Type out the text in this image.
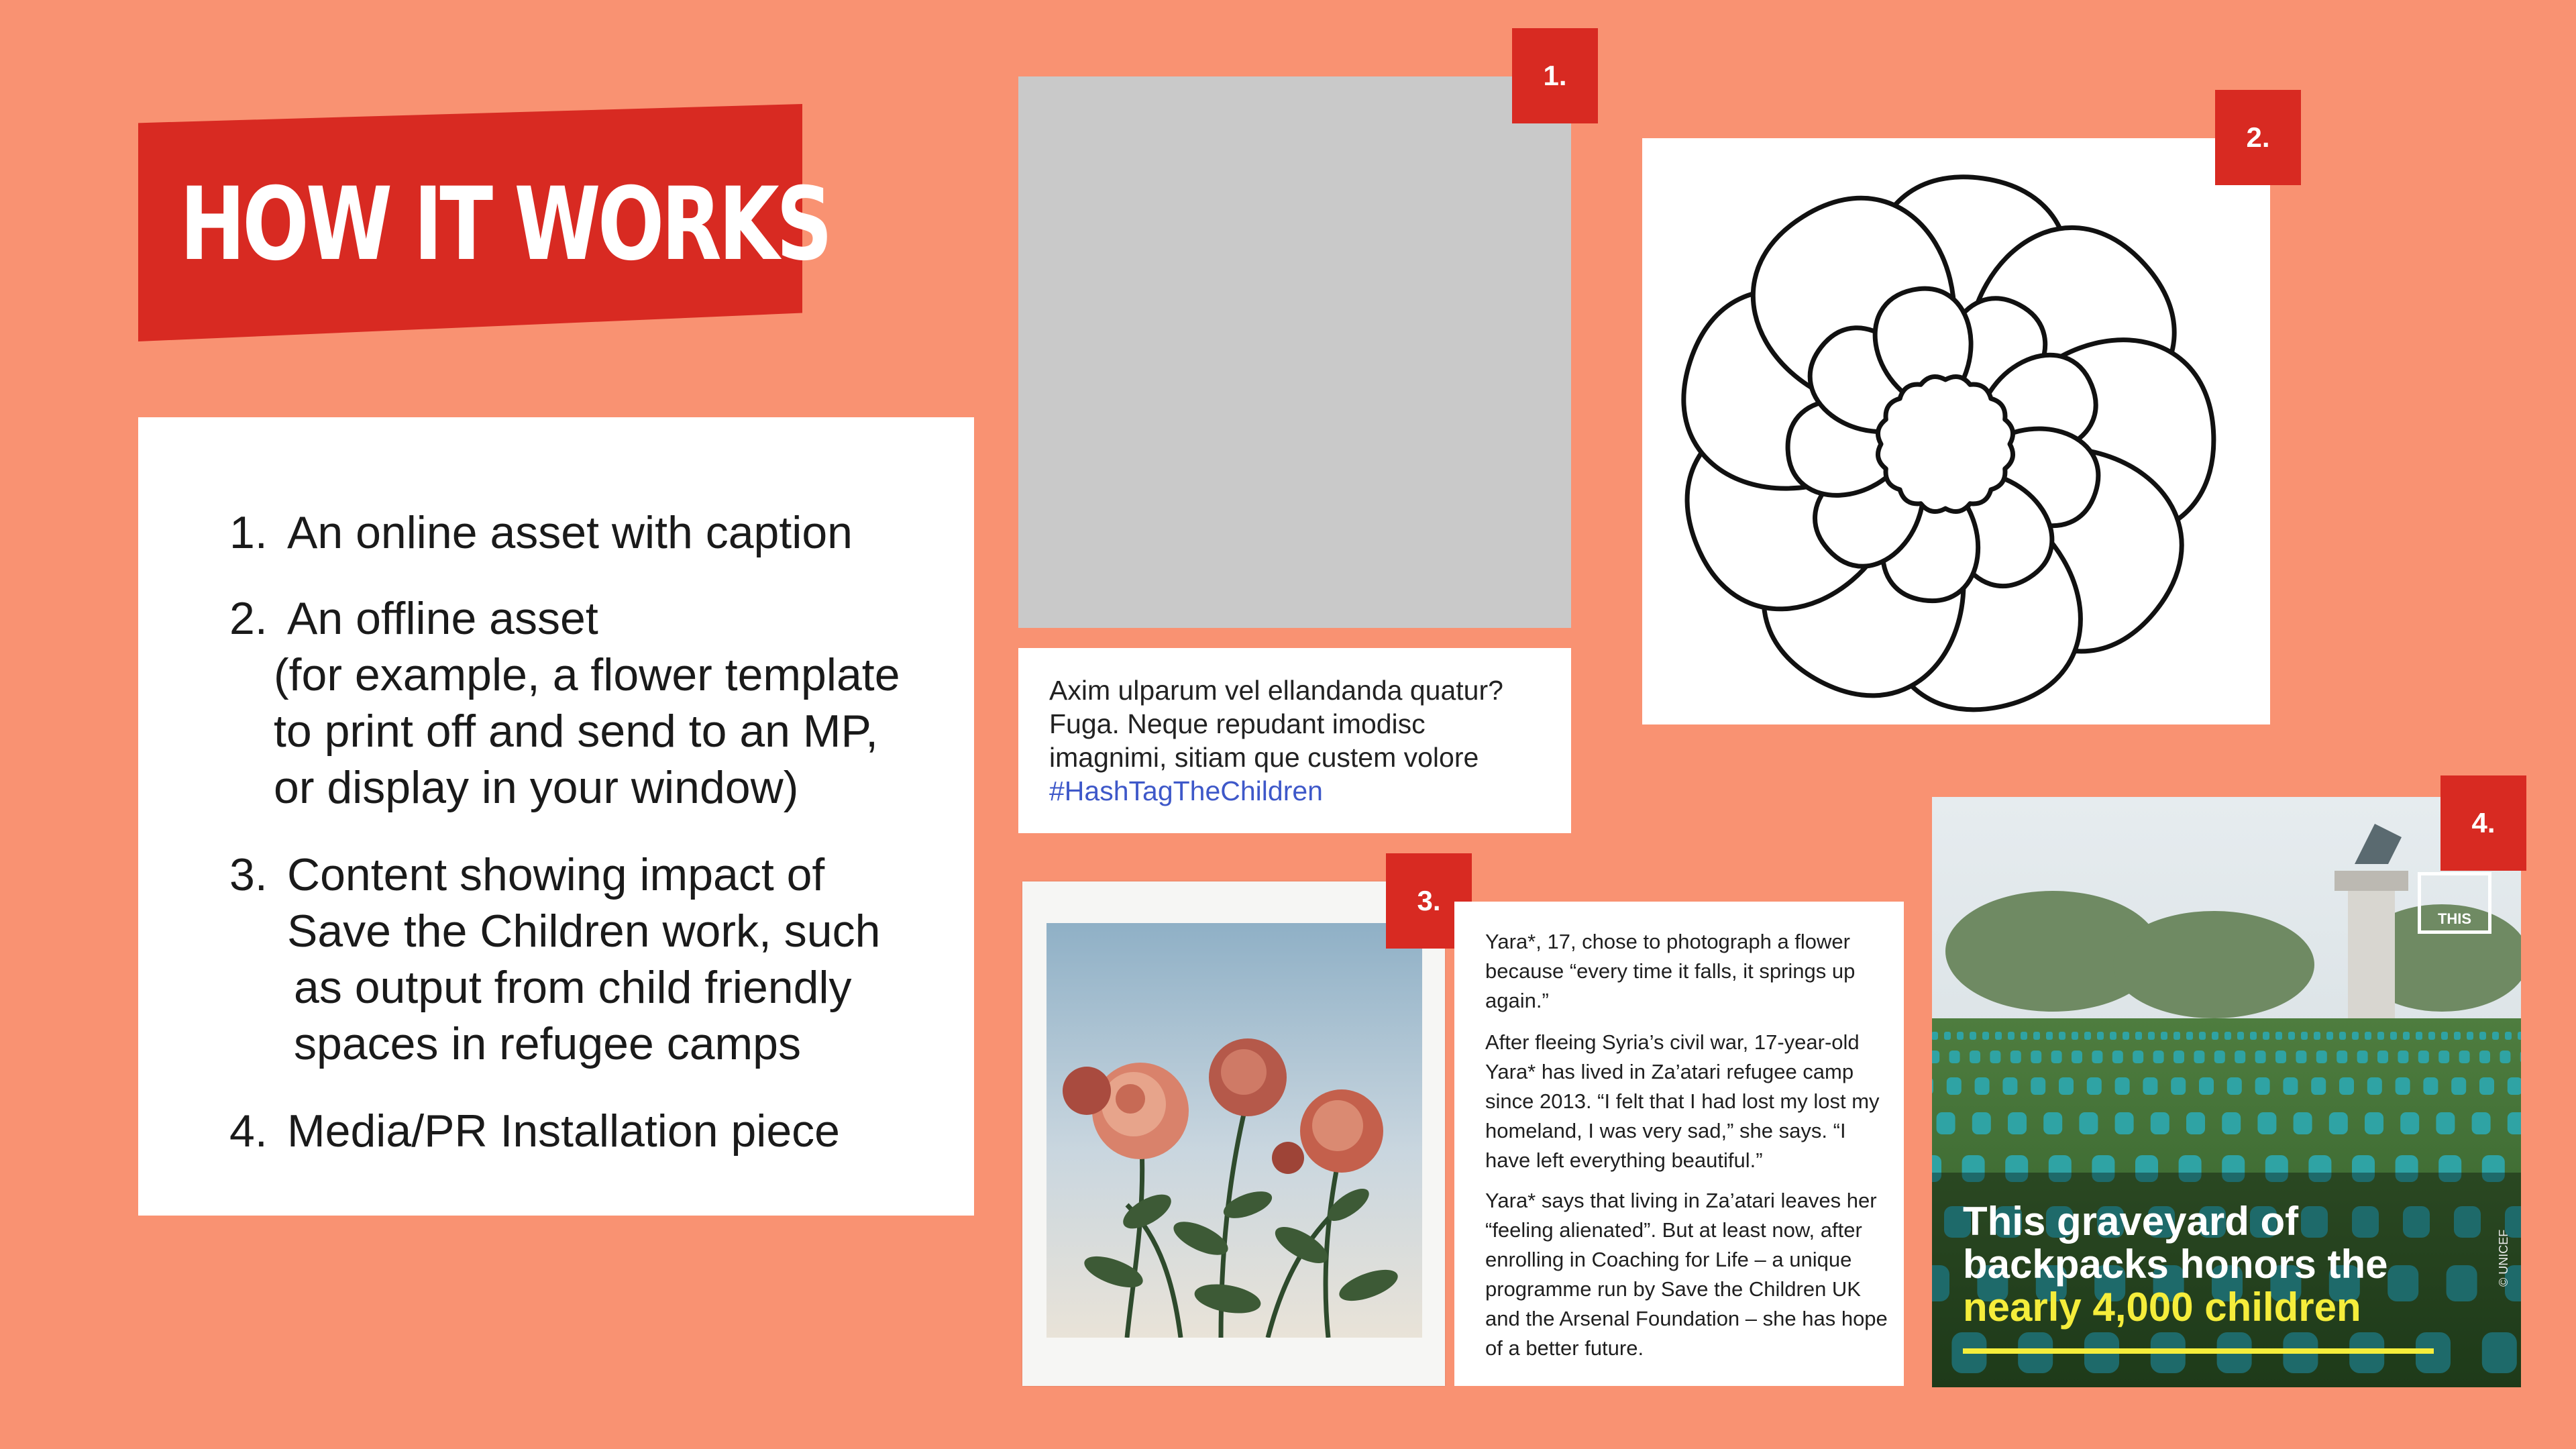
HOW IT WORKS
1. An online asset with caption
2. An offline asset
(for example, a flower template
to print off and send to an MP,
or display in your window)
3. Content showing impact of
Save the Children work, such
as output from child friendly
spaces in refugee camps
4. Media/PR Installation piece
1.
Axim ulparum vel ellandanda quatur?
Fuga. Neque repudant imodisc
imagnimi, sitiam que custem volore
#HashTagTheChildren
2.
3.
Yara*, 17, chose to photograph a flower because “every time it falls, it springs up again.”
After fleeing Syria’s civil war, 17-year-old Yara* has lived in Za’atari refugee camp since 2013. “I felt that I had lost my lost my homeland, I was very sad,” she says. “I have left everything beautiful.”
Yara* says that living in Za’atari leaves her “feeling alienated”. But at least now, after enrolling in Coaching for Life – a unique programme run by Save the Children UK and the Arsenal Foundation – she has hope of a better future.
THIS
This graveyard of
backpacks honors the
nearly 4,000 children
© UNICEF
4.
